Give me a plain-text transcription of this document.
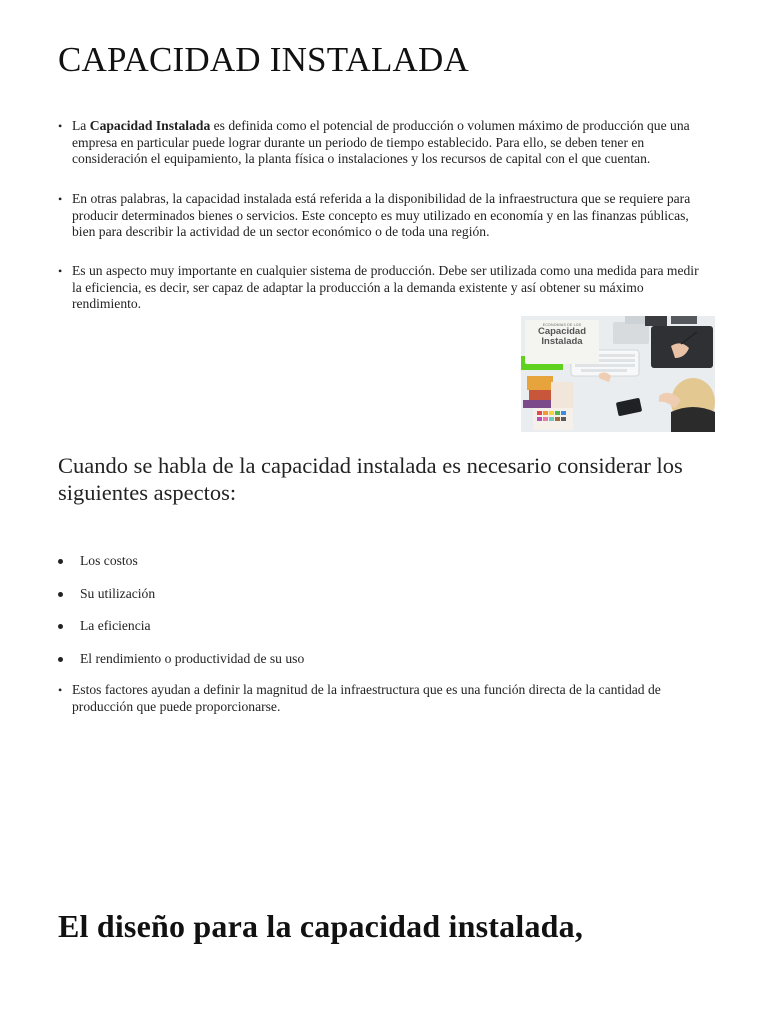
CAPACIDAD INSTALADA
• La Capacidad Instalada es definida como el potencial de producción o volumen máximo de producción que una empresa en particular puede lograr durante un periodo de tiempo establecido. Para ello, se deben tener en consideración el equipamiento, la planta física o instalaciones y los recursos de capital con el que cuentan.
• En otras palabras, la capacidad instalada está referida a la disponibilidad de la infraestructura que se requiere para producir determinados bienes o servicios. Este concepto es muy utilizado en economía y en las finanzas públicas, bien para describir la actividad de un sector económico o de toda una región.
• Es un aspecto muy importante en cualquier sistema de producción. Debe ser utilizada como una medida para medir la eficiencia, es decir, ser capaz de adaptar la producción a la demanda existente y así obtener su máximo rendimiento.
ECONOMIAS DE LOS
Capacidad
Instalada
Cuando se habla de la capacidad instalada es necesario considerar los siguientes aspectos:
Los costos
Su utilización
La eficiencia
El rendimiento o productividad de su uso
• Estos factores ayudan a definir la magnitud de la infraestructura que es una función directa de la cantidad de producción que puede proporcionarse.
El diseño para la capacidad instalada,
